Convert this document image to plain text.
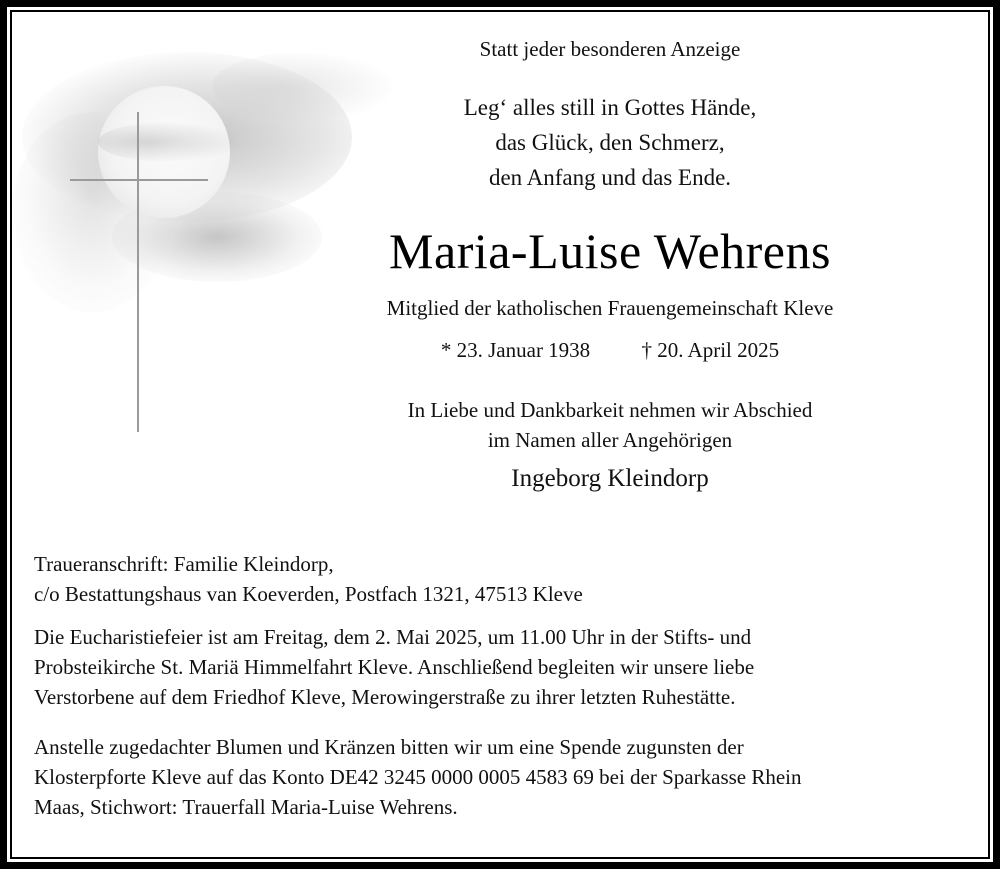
Statt jeder besonderen Anzeige
Leg‘ alles still in Gottes Hände,
das Glück, den Schmerz,
den Anfang und das Ende.
Maria-Luise Wehrens
Mitglied der katholischen Frauengemeinschaft Kleve
* 23. Januar 1938 † 20. April 2025
In Liebe und Dankbarkeit nehmen wir Abschied
im Namen aller Angehörigen
Ingeborg Kleindorp

Traueranschrift: Familie Kleindorp,

c/o Bestattungshaus van Koeverden, Postfach 1321, 47513 Kleve

Die Eucharistiefeier ist am Freitag, dem 2. Mai 2025, um 11.00 Uhr in der Stifts- und

Probsteikirche St. Mariä Himmelfahrt Kleve. Anschließend begleiten wir unsere liebe

Verstorbene auf dem Friedhof Kleve, Merowingerstraße zu ihrer letzten Ruhestätte.

Anstelle zugedachter Blumen und Kränzen bitten wir um eine Spende zugunsten der

Klosterpforte Kleve auf das Konto DE42 3245 0000 0005 4583 69 bei der Sparkasse Rhein

Maas, Stichwort: Trauerfall Maria-Luise Wehrens.
